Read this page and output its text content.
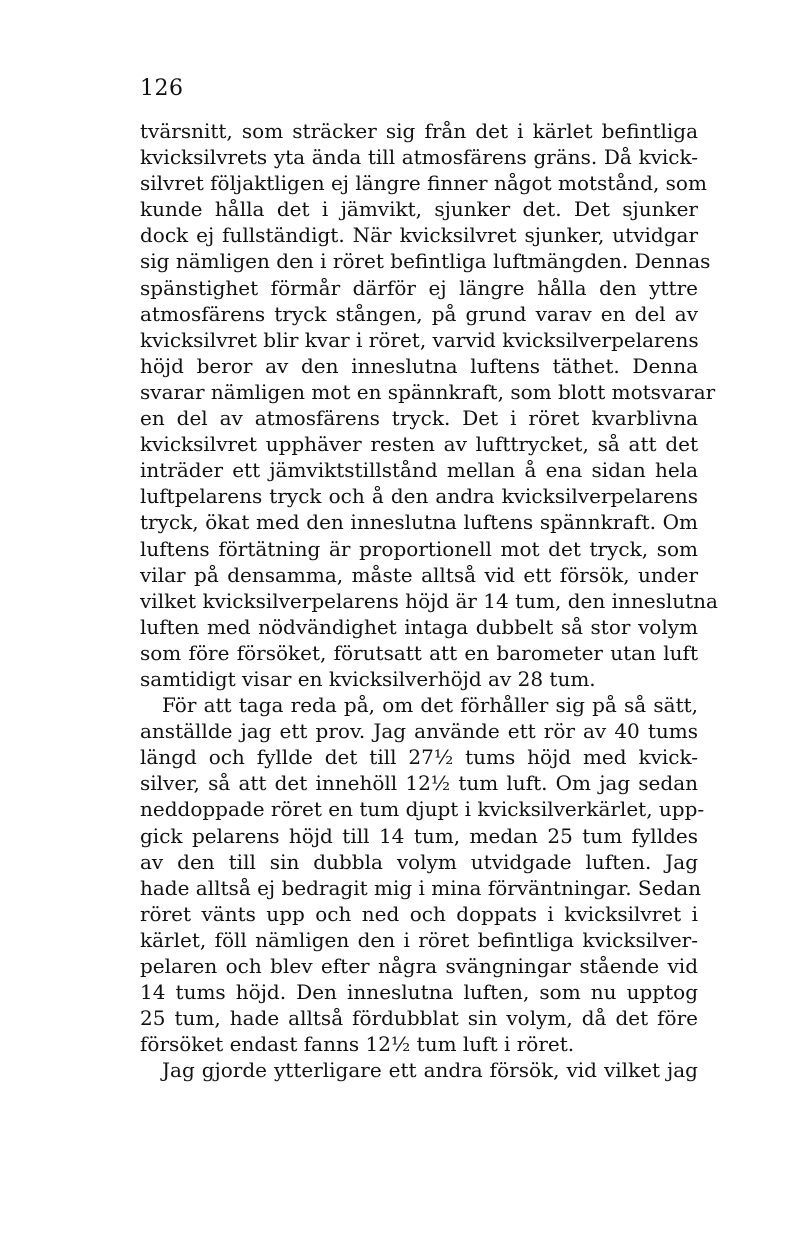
126
tvärsnitt, som sträcker sig från det i kärlet befintliga
kvicksilvrets yta ända till atmosfärens gräns. Då kvick-
silvret följaktligen ej längre finner något motstånd, som
kunde hålla det i jämvikt, sjunker det. Det sjunker
dock ej fullständigt. När kvicksilvret sjunker, utvidgar
sig nämligen den i röret befintliga luftmängden. Dennas
spänstighet förmår därför ej längre hålla den yttre
atmosfärens tryck stången, på grund varav en del av
kvicksilvret blir kvar i röret, varvid kvicksilverpelarens
höjd beror av den inneslutna luftens täthet. Denna
svarar nämligen mot en spännkraft, som blott motsvarar
en del av atmosfärens tryck. Det i röret kvarblivna
kvicksilvret upphäver resten av lufttrycket, så att det
inträder ett jämviktstillstånd mellan å ena sidan hela
luftpelarens tryck och å den andra kvicksilverpelarens
tryck, ökat med den inneslutna luftens spännkraft. Om
luftens förtätning är proportionell mot det tryck, som
vilar på densamma, måste alltså vid ett försök, under
vilket kvicksilverpelarens höjd är 14 tum, den inneslutna
luften med nödvändighet intaga dubbelt så stor volym
som före försöket, förutsatt att en barometer utan luft
samtidigt visar en kvicksilverhöjd av 28 tum.
För att taga reda på, om det förhåller sig på så sätt,
anställde jag ett prov. Jag använde ett rör av 40 tums
längd och fyllde det till 27½ tums höjd med kvick-
silver, så att det innehöll 12½ tum luft. Om jag sedan
neddoppade röret en tum djupt i kvicksilverkärlet, upp-
gick pelarens höjd till 14 tum, medan 25 tum fylldes
av den till sin dubbla volym utvidgade luften. Jag
hade alltså ej bedragit mig i mina förväntningar. Sedan
röret vänts upp och ned och doppats i kvicksilvret i
kärlet, föll nämligen den i röret befintliga kvicksilver-
pelaren och blev efter några svängningar stående vid
14 tums höjd. Den inneslutna luften, som nu upptog
25 tum, hade alltså fördubblat sin volym, då det före
försöket endast fanns 12½ tum luft i röret.
Jag gjorde ytterligare ett andra försök, vid vilket jag
